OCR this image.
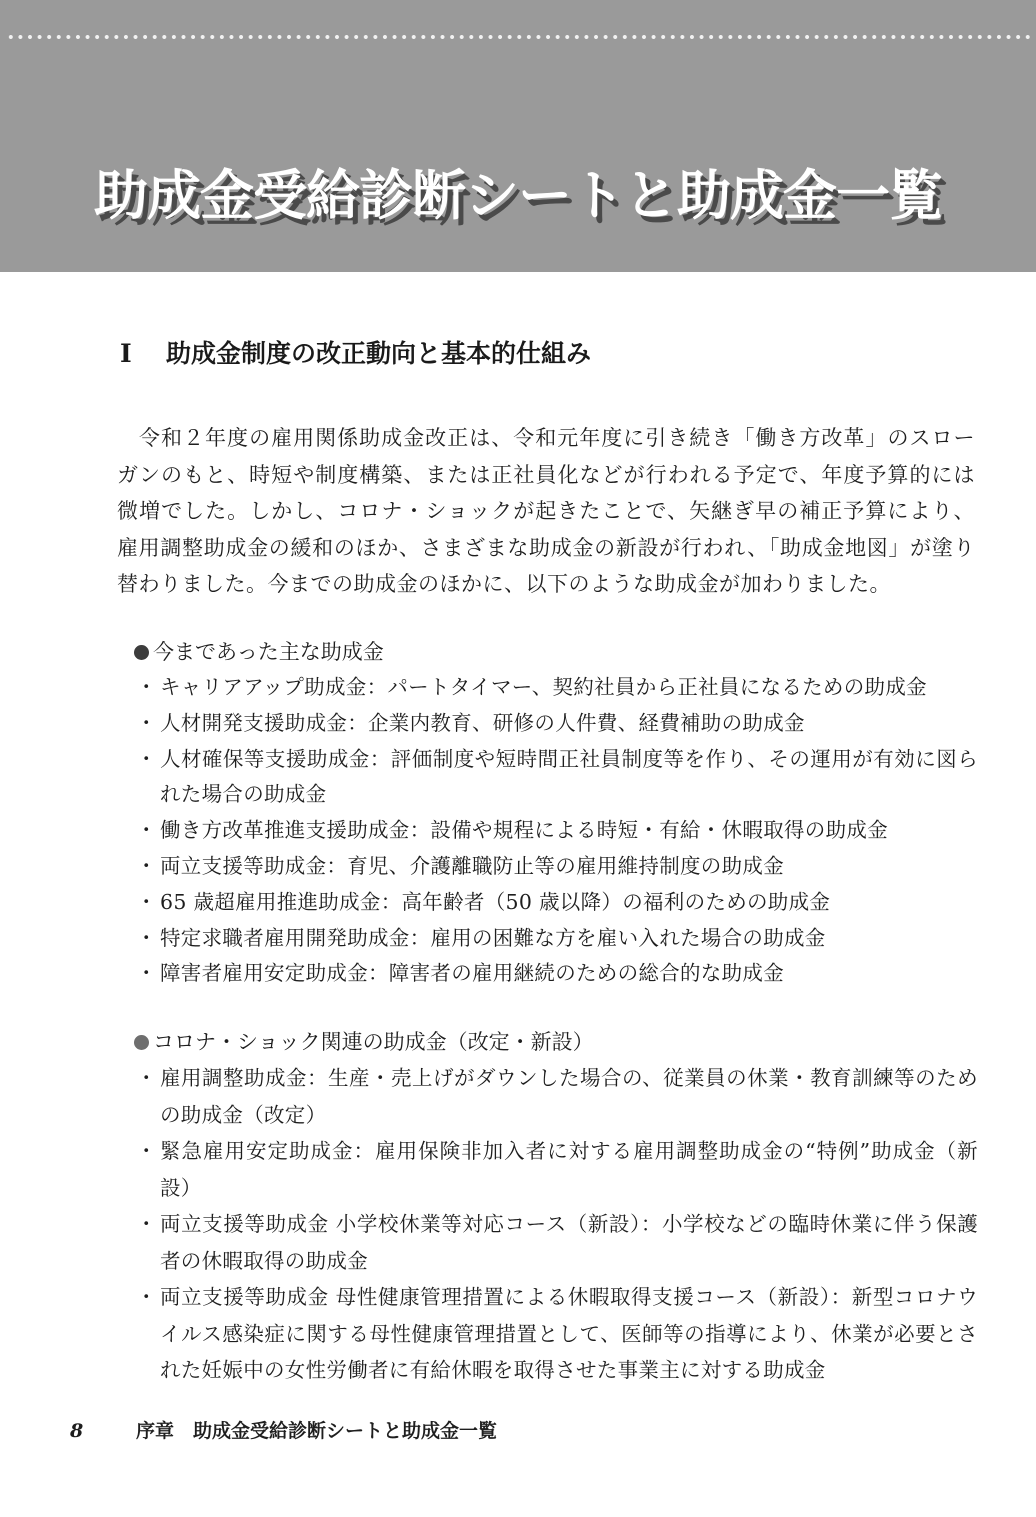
助成金受給診断シートと助成金一覧
I 助成金制度の改正動向と基本的仕組み

令和２年度の雇用関係助成金改正は、令和元年度に引き続き「働き方改革」のスローガンのもと、時短や制度構築、または正社員化などが行われる予定で、年度予算的には微増でした。しかし、コロナ・ショックが起きたことで、矢継ぎ早の補正予算により、雇用調整助成金の緩和のほか、さまざまな助成金の新設が行われ、「助成金地図」が塗り替わりました。今までの助成金のほかに、以下のような助成金が加わりました。

今まであった主な助成金
・ キャリアアップ助成金：パートタイマー、契約社員から正社員になるための助成金
・ 人材開発支援助成金：企業内教育、研修の人件費、経費補助の助成金
・ 人材確保等支援助成金：評価制度や短時間正社員制度等を作り、その運用が有効に図られた場合の助成金
・ 働き方改革推進支援助成金：設備や規程による時短・有給・休暇取得の助成金
・ 両立支援等助成金：育児、介護離職防止等の雇用維持制度の助成金
・ 65 歳超雇用推進助成金：高年齢者（50 歳以降）の福利のための助成金
・ 特定求職者雇用開発助成金：雇用の困難な方を雇い入れた場合の助成金
・ 障害者雇用安定助成金：障害者の雇用継続のための総合的な助成金
コロナ・ショック関連の助成金（改定・新設）
・ 雇用調整助成金：生産・売上げがダウンした場合の、従業員の休業・教育訓練等のための助成金（改定）
・ 緊急雇用安定助成金：雇用保険非加入者に対する雇用調整助成金の“特例”助成金（新設）
・ 両立支援等助成金 小学校休業等対応コース（新設）：小学校などの臨時休業に伴う保護者の休暇取得の助成金
・ 両立支援等助成金 母性健康管理措置による休暇取得支援コース（新設）：新型コロナウイルス感染症に関する母性健康管理措置として、医師等の指導により、休業が必要とされた妊娠中の女性労働者に有給休暇を取得させた事業主に対する助成金
8	序章　助成金受給診断シートと助成金一覧
